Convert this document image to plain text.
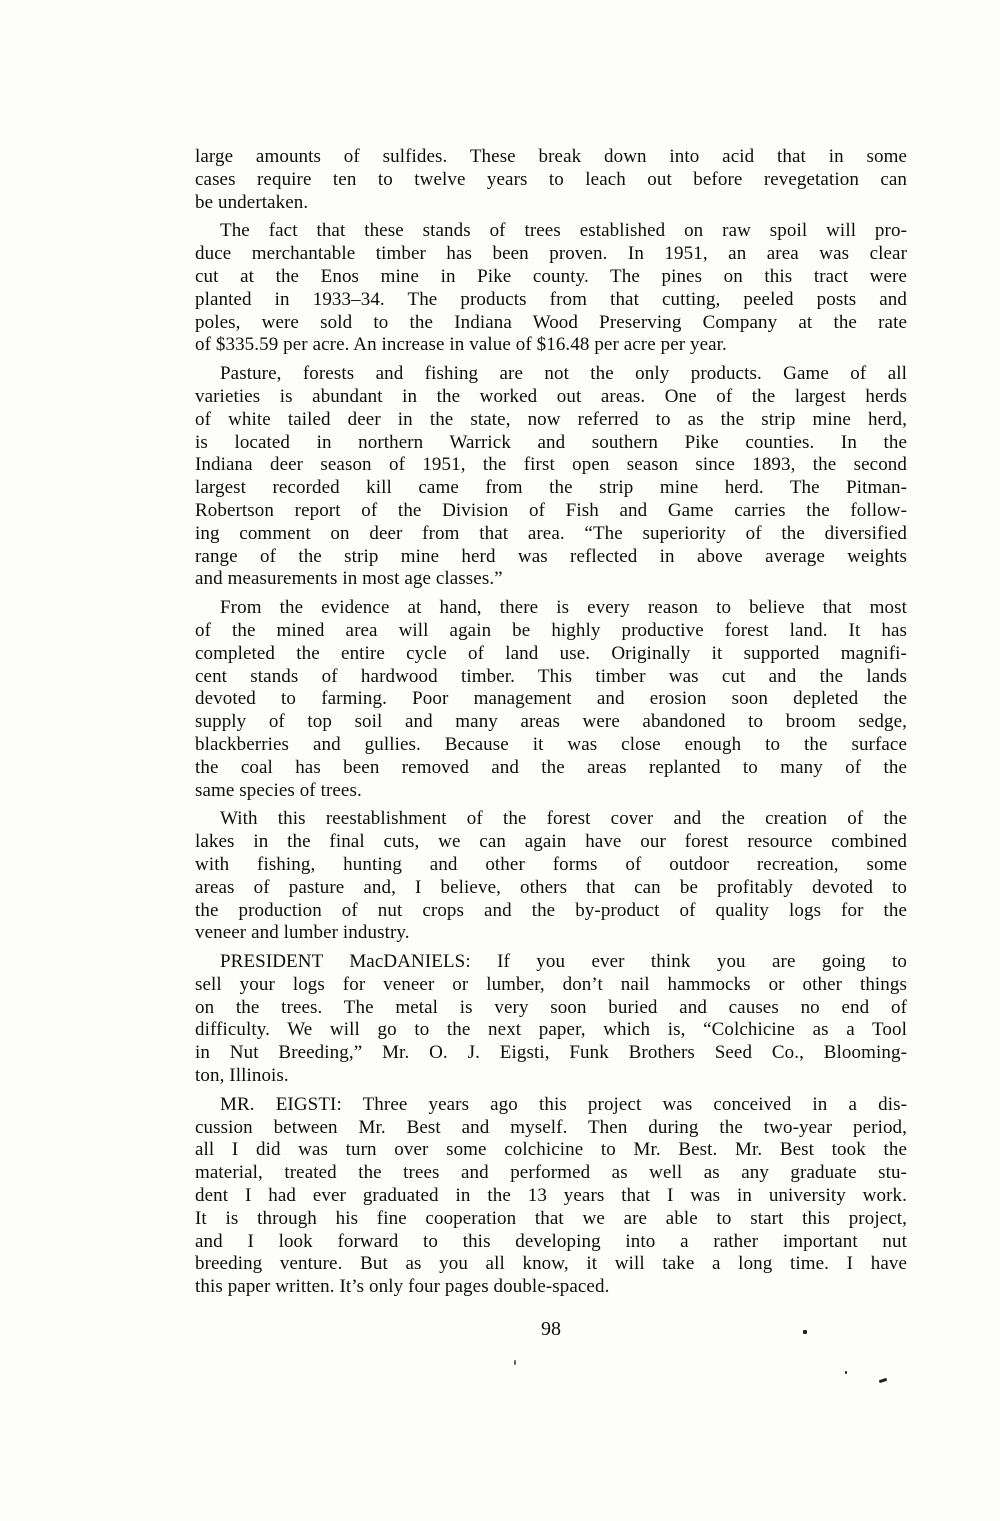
large amounts of sulfides. These break down into acid that in some
cases require ten to twelve years to leach out before revegetation can
be undertaken.
The fact that these stands of trees established on raw spoil will pro-
duce merchantable timber has been proven. In 1951, an area was clear
cut at the Enos mine in Pike county. The pines on this tract were
planted in 1933–34. The products from that cutting, peeled posts and
poles, were sold to the Indiana Wood Preserving Company at the rate
of $335.59 per acre. An increase in value of $16.48 per acre per year.
Pasture, forests and fishing are not the only products. Game of all
varieties is abundant in the worked out areas. One of the largest herds
of white tailed deer in the state, now referred to as the strip mine herd,
is located in northern Warrick and southern Pike counties. In the
Indiana deer season of 1951, the first open season since 1893, the second
largest recorded kill came from the strip mine herd. The Pitman-
Robertson report of the Division of Fish and Game carries the follow-
ing comment on deer from that area. “The superiority of the diversified
range of the strip mine herd was reflected in above average weights
and measurements in most age classes.”
From the evidence at hand, there is every reason to believe that most
of the mined area will again be highly productive forest land. It has
completed the entire cycle of land use. Originally it supported magnifi-
cent stands of hardwood timber. This timber was cut and the lands
devoted to farming. Poor management and erosion soon depleted the
supply of top soil and many areas were abandoned to broom sedge,
blackberries and gullies. Because it was close enough to the surface
the coal has been removed and the areas replanted to many of the
same species of trees.
With this reestablishment of the forest cover and the creation of the
lakes in the final cuts, we can again have our forest resource combined
with fishing, hunting and other forms of outdoor recreation, some
areas of pasture and, I believe, others that can be profitably devoted to
the production of nut crops and the by-product of quality logs for the
veneer and lumber industry.
PRESIDENT MacDANIELS: If you ever think you are going to
sell your logs for veneer or lumber, don’t nail hammocks or other things
on the trees. The metal is very soon buried and causes no end of
difficulty. We will go to the next paper, which is, “Colchicine as a Tool
in Nut Breeding,” Mr. O. J. Eigsti, Funk Brothers Seed Co., Blooming-
ton, Illinois.
MR. EIGSTI: Three years ago this project was conceived in a dis-
cussion between Mr. Best and myself. Then during the two-year period,
all I did was turn over some colchicine to Mr. Best. Mr. Best took the
material, treated the trees and performed as well as any graduate stu-
dent I had ever graduated in the 13 years that I was in university work.
It is through his fine cooperation that we are able to start this project,
and I look forward to this developing into a rather important nut
breeding venture. But as you all know, it will take a long time. I have
this paper written. It’s only four pages double-spaced.
98
